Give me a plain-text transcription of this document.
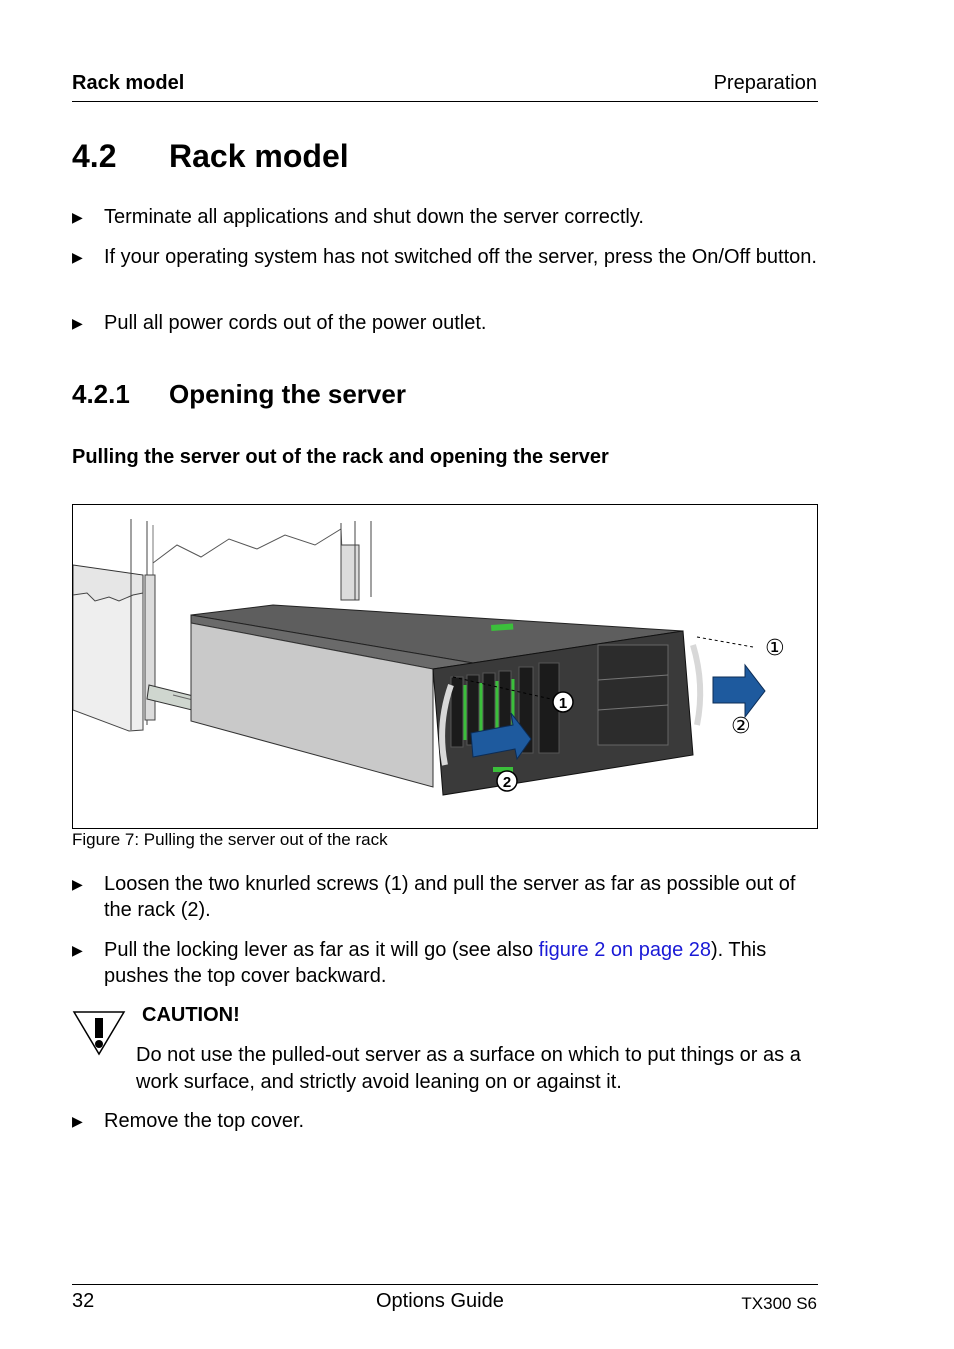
Rack model	Preparation
4.2 Rack model
▶	Terminate all applications and shut down the server correctly.
▶	If your operating system has not switched off the server, press the On/Off button.
▶	Pull all power cords out of the power outlet.
4.2.1 Opening the server
Pulling the server out of the rack and opening the server
1
2
①
②
Figure 7: Pulling the server out of the rack
▶	Loosen the two knurled screws (1) and pull the server as far as possible out of the rack (2).
▶	Pull the locking lever as far as it will go (see also figure 2 on page 28). This pushes the top cover backward.
CAUTION!
Do not use the pulled-out server as a surface on which to put things or as a work surface, and strictly avoid leaning on or against it.
▶	Remove the top cover.
32	Options Guide	TX300 S6
